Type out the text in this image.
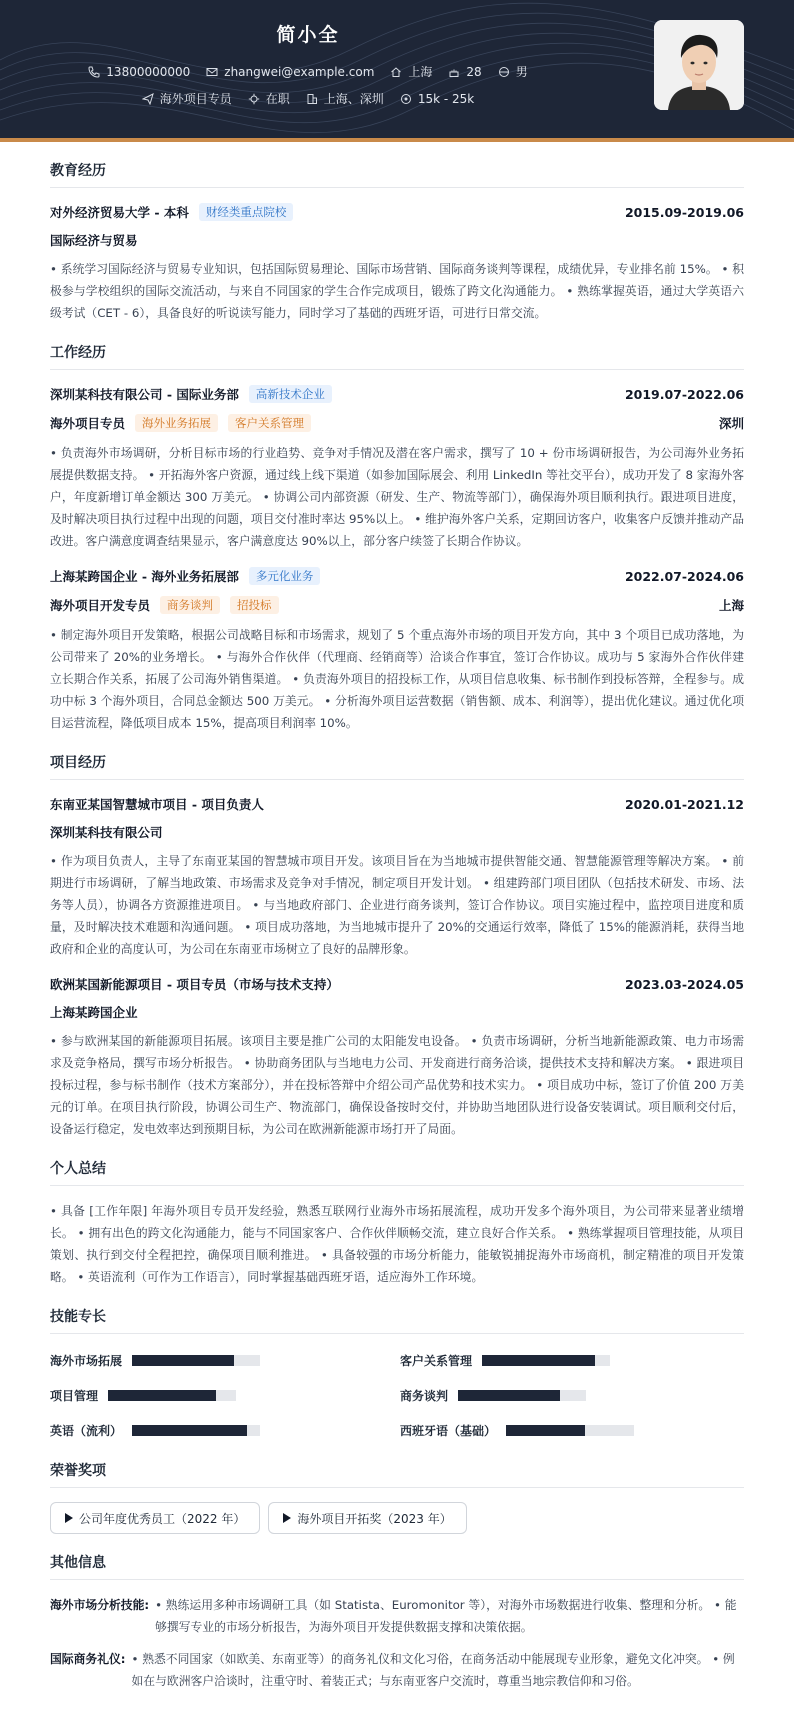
简小全
13800000000	zhangwei@example.com	上海	28	男
海外项目专员	在职	上海、深圳	15k - 25k
教育经历
对外经济贸易大学 - 本科	财经类重点院校	2015.09-2019.06
国际经济与贸易
• 系统学习国际经济与贸易专业知识，包括国际贸易理论、国际市场营销、国际商务谈判等课程，成绩优异，专业排名前 15%。 • 积极参与学校组织的国际交流活动，与来自不同国家的学生合作完成项目，锻炼了跨文化沟通能力。 • 熟练掌握英语，通过大学英语六级考试（CET - 6），具备良好的听说读写能力，同时学习了基础的西班牙语，可进行日常交流。
工作经历
深圳某科技有限公司 - 国际业务部	高新技术企业	2019.07-2022.06
海外项目专员	海外业务拓展	客户关系管理	深圳
• 负责海外市场调研，分析目标市场的行业趋势、竞争对手情况及潜在客户需求，撰写了 10 + 份市场调研报告，为公司海外业务拓展提供数据支持。 • 开拓海外客户资源，通过线上线下渠道（如参加国际展会、利用 LinkedIn 等社交平台），成功开发了 8 家海外客户，年度新增订单金额达 300 万美元。 • 协调公司内部资源（研发、生产、物流等部门），确保海外项目顺利执行。跟进项目进度，及时解决项目执行过程中出现的问题，项目交付准时率达 95%以上。 • 维护海外客户关系，定期回访客户，收集客户反馈并推动产品改进。客户满意度调查结果显示，客户满意度达 90%以上，部分客户续签了长期合作协议。
上海某跨国企业 - 海外业务拓展部	多元化业务	2022.07-2024.06
海外项目开发专员	商务谈判	招投标	上海
• 制定海外项目开发策略，根据公司战略目标和市场需求，规划了 5 个重点海外市场的项目开发方向，其中 3 个项目已成功落地，为公司带来了 20%的业务增长。 • 与海外合作伙伴（代理商、经销商等）洽谈合作事宜，签订合作协议。成功与 5 家海外合作伙伴建立长期合作关系，拓展了公司海外销售渠道。 • 负责海外项目的招投标工作，从项目信息收集、标书制作到投标答辩，全程参与。成功中标 3 个海外项目，合同总金额达 500 万美元。 • 分析海外项目运营数据（销售额、成本、利润等），提出优化建议。通过优化项目运营流程，降低项目成本 15%，提高项目利润率 10%。
项目经历
东南亚某国智慧城市项目 - 项目负责人	2020.01-2021.12
深圳某科技有限公司
• 作为项目负责人，主导了东南亚某国的智慧城市项目开发。该项目旨在为当地城市提供智能交通、智慧能源管理等解决方案。 • 前期进行市场调研，了解当地政策、市场需求及竞争对手情况，制定项目开发计划。 • 组建跨部门项目团队（包括技术研发、市场、法务等人员），协调各方资源推进项目。 • 与当地政府部门、企业进行商务谈判，签订合作协议。项目实施过程中，监控项目进度和质量，及时解决技术难题和沟通问题。 • 项目成功落地，为当地城市提升了 20%的交通运行效率，降低了 15%的能源消耗，获得当地政府和企业的高度认可，为公司在东南亚市场树立了良好的品牌形象。
欧洲某国新能源项目 - 项目专员（市场与技术支持）	2023.03-2024.05
上海某跨国企业
• 参与欧洲某国的新能源项目拓展。该项目主要是推广公司的太阳能发电设备。 • 负责市场调研，分析当地新能源政策、电力市场需求及竞争格局，撰写市场分析报告。 • 协助商务团队与当地电力公司、开发商进行商务洽谈，提供技术支持和解决方案。 • 跟进项目投标过程，参与标书制作（技术方案部分），并在投标答辩中介绍公司产品优势和技术实力。 • 项目成功中标，签订了价值 200 万美元的订单。在项目执行阶段，协调公司生产、物流部门，确保设备按时交付，并协助当地团队进行设备安装调试。项目顺利交付后，设备运行稳定，发电效率达到预期目标，为公司在欧洲新能源市场打开了局面。
个人总结
• 具备 [工作年限] 年海外项目专员开发经验，熟悉互联网行业海外市场拓展流程，成功开发多个海外项目，为公司带来显著业绩增长。 • 拥有出色的跨文化沟通能力，能与不同国家客户、合作伙伴顺畅交流，建立良好合作关系。 • 熟练掌握项目管理技能，从项目策划、执行到交付全程把控，确保项目顺利推进。 • 具备较强的市场分析能力，能敏锐捕捉海外市场商机，制定精准的项目开发策略。 • 英语流利（可作为工作语言），同时掌握基础西班牙语，适应海外工作环境。
技能专长
海外市场拓展	客户关系管理
项目管理	商务谈判
英语（流利）	西班牙语（基础）
荣誉奖项
公司年度优秀员工（2022 年）	海外项目开拓奖（2023 年）
其他信息
海外市场分析技能: • 熟练运用多种市场调研工具（如 Statista、Euromonitor 等），对海外市场数据进行收集、整理和分析。 • 能够撰写专业的市场分析报告，为海外项目开发提供数据支撑和决策依据。
国际商务礼仪: • 熟悉不同国家（如欧美、东南亚等）的商务礼仪和文化习俗，在商务活动中能展现专业形象，避免文化冲突。 • 例如在与欧洲客户洽谈时，注重守时、着装正式；与东南亚客户交流时，尊重当地宗教信仰和习俗。
